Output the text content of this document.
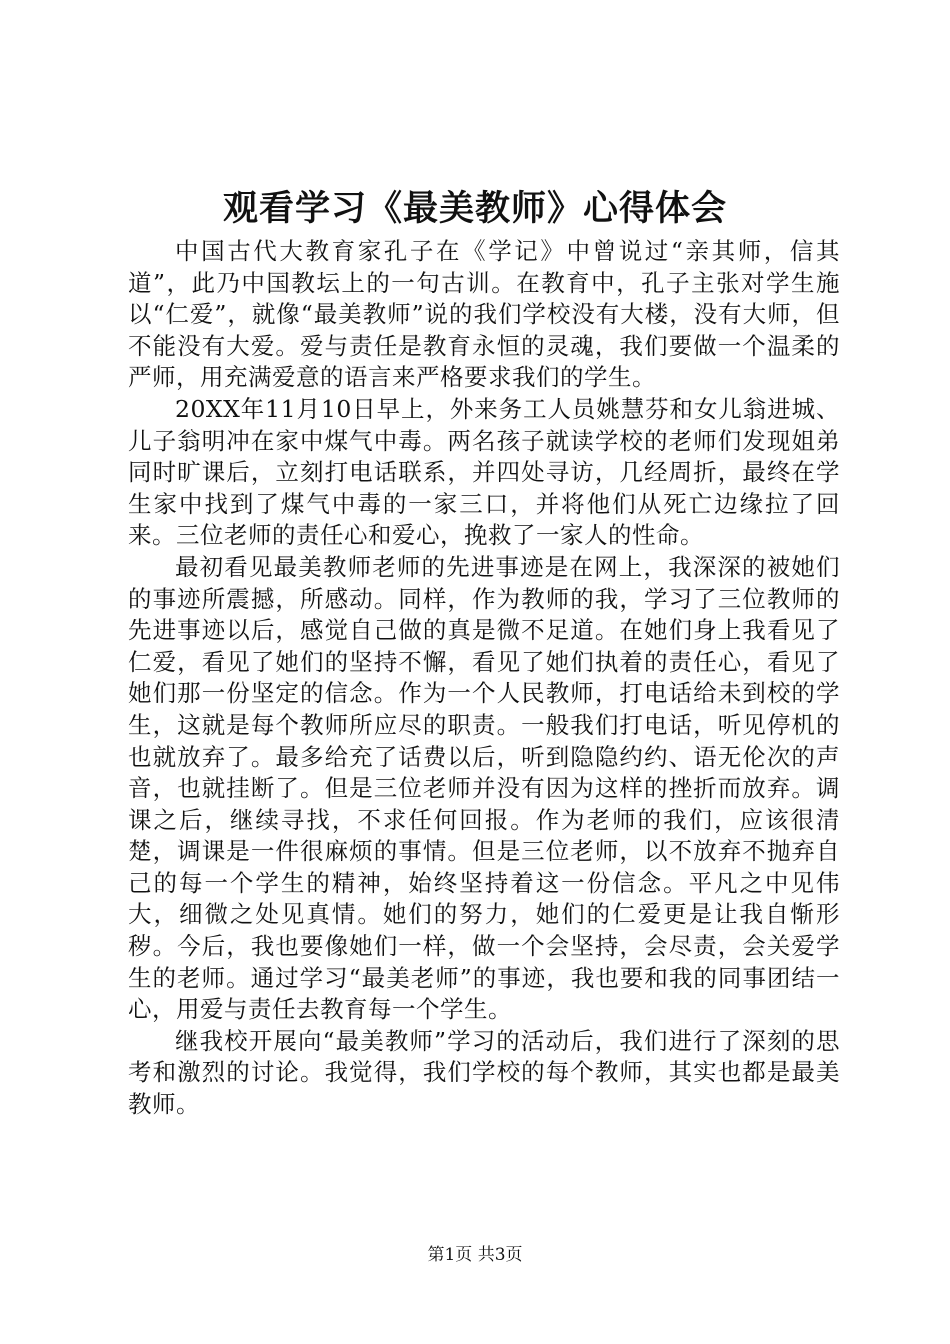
观看学习《最美教师》心得体会

中国古代大教育家孔子在《学记》中曾说过“亲其师，信其道”，此乃中国教坛上的一句古训。在教育中，孔子主张对学生施以“仁爱”，就像“最美教师”说的我们学校没有大楼，没有大师，但不能没有大爱。爱与责任是教育永恒的灵魂，我们要做一个温柔的严师，用充满爱意的语言来严格要求我们的学生。

20XX年11月10日早上，外来务工人员姚慧芬和女儿翁进城、儿子翁明冲在家中煤气中毒。两名孩子就读学校的老师们发现姐弟同时旷课后，立刻打电话联系，并四处寻访，几经周折，最终在学生家中找到了煤气中毒的一家三口，并将他们从死亡边缘拉了回来。三位老师的责任心和爱心，挽救了一家人的性命。

最初看见最美教师老师的先进事迹是在网上，我深深的被她们的事迹所震撼，所感动。同样，作为教师的我，学习了三位教师的先进事迹以后，感觉自己做的真是微不足道。在她们身上我看见了仁爱，看见了她们的坚持不懈，看见了她们执着的责任心，看见了她们那一份坚定的信念。作为一个人民教师，打电话给未到校的学生，这就是每个教师所应尽的职责。一般我们打电话，听见停机的也就放弃了。最多给充了话费以后，听到隐隐约约、语无伦次的声音，也就挂断了。但是三位老师并没有因为这样的挫折而放弃。调课之后，继续寻找，不求任何回报。作为老师的我们，应该很清楚，调课是一件很麻烦的事情。但是三位老师，以不放弃不抛弃自己的每一个学生的精神，始终坚持着这一份信念。平凡之中见伟大，细微之处见真情。她们的努力，她们的仁爱更是让我自惭形秽。今后，我也要像她们一样，做一个会坚持，会尽责，会关爱学生的老师。通过学习“最美老师”的事迹，我也要和我的同事团结一心，用爱与责任去教育每一个学生。

继我校开展向“最美教师”学习的活动后，我们进行了深刻的思考和激烈的讨论。我觉得，我们学校的每个教师，其实也都是最美教师。

第1页 共3页
